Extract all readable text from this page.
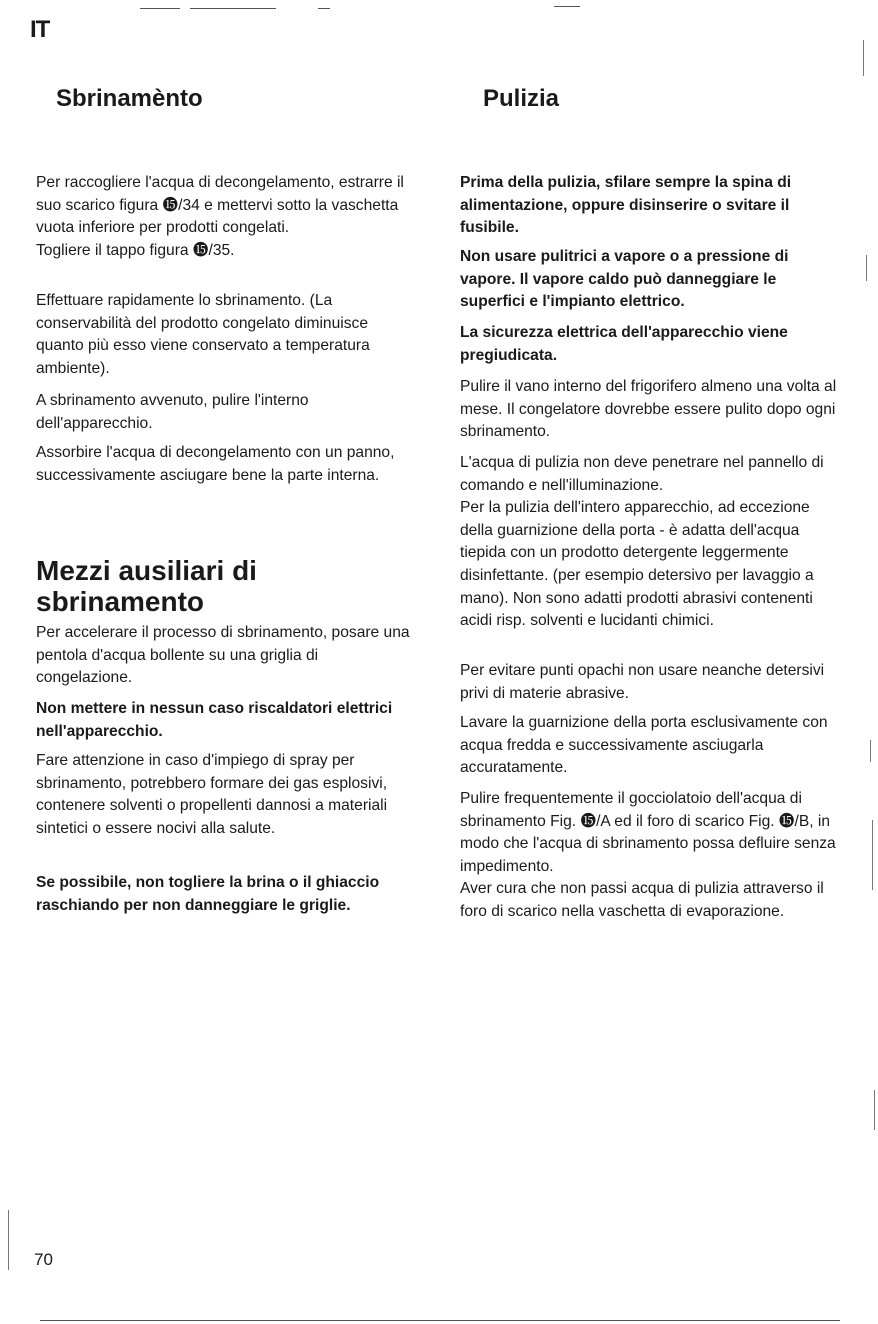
IT
Sbrinamènto

Per raccogliere l'acqua di decongelamento, estrarre il suo scarico figura ⓯/34 e mettervi sotto la vaschetta vuota inferiore per prodotti congelati.
Togliere il tappo figura ⓯/35.

Effettuare rapidamente lo sbrinamento. (La conservabilità del prodotto congelato diminuisce quanto più esso viene conservato a temperatura ambiente).

A sbrinamento avvenuto, pulire l'interno dell'apparecchio.

Assorbire l'acqua di decongelamento con un panno, successivamente asciugare bene la parte interna.

Mezzi ausiliari di sbrinamento

Per accelerare il processo di sbrinamento, posare una pentola d'acqua bollente su una griglia di congelazione.

Non mettere in nessun caso riscaldatori elettrici nell'apparecchio.

Fare attenzione in caso d'impiego di spray per sbrinamento, potrebbero formare dei gas esplosivi, contenere solventi o propellenti dannosi a materiali sintetici o essere nocivi alla salute.

Se possibile, non togliere la brina o il ghiaccio raschiando per non danneggiare le griglie.

Pulizia

Prima della pulizia, sfilare sempre la spina di alimentazione, oppure disinserire o svitare il fusibile.

Non usare pulitrici a vapore o a pressione di vapore. Il vapore caldo può danneggiare le superfici e l'impianto elettrico.

La sicurezza elettrica dell'apparecchio viene pregiudicata.

Pulire il vano interno del frigorifero almeno una volta al mese. Il congelatore dovrebbe essere pulito dopo ogni sbrinamento.

L'acqua di pulizia non deve penetrare nel pannello di comando e nell'illuminazione.
Per la pulizia dell'intero apparecchio, ad eccezione della guarnizione della porta - è adatta dell'acqua tiepida con un prodotto detergente leggermente disinfettante. (per esempio detersivo per lavaggio a mano). Non sono adatti prodotti abrasivi contenenti acidi risp. solventi e lucidanti chimici.

Per evitare punti opachi non usare neanche detersivi privi di materie abrasive.

Lavare la guarnizione della porta esclusivamente con acqua fredda e successivamente asciugarla accuratamente.

Pulire frequentemente il gocciolatoio dell'acqua di sbrinamento Fig. ⓯/A ed il foro di scarico Fig. ⓯/B, in modo che l'acqua di sbrinamento possa defluire senza impedimento.
Aver cura che non passi acqua di pulizia attraverso il foro di scarico nella vaschetta di evaporazione.

70
